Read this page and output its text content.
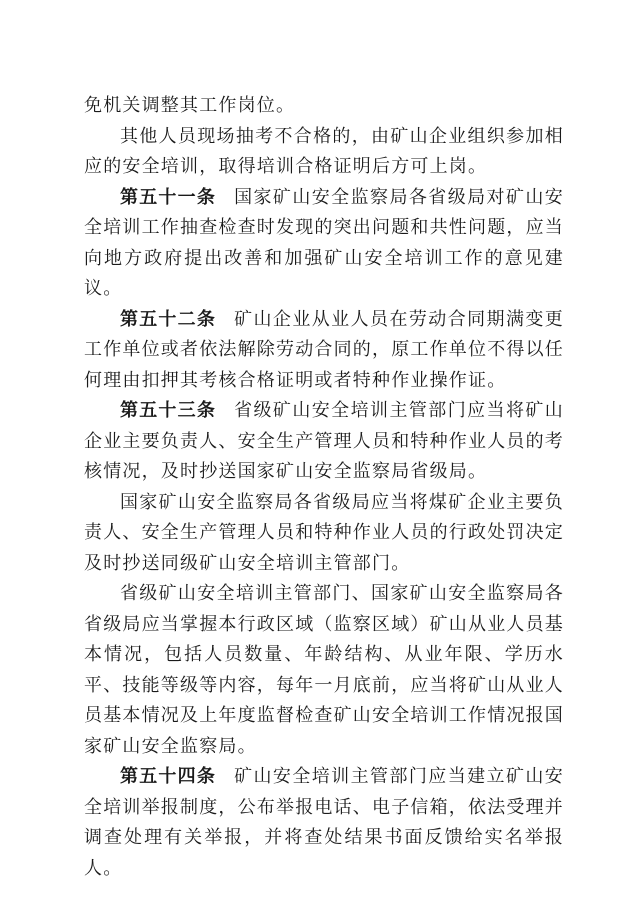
免机关调整其工作岗位。

其他人员现场抽考不合格的，由矿山企业组织参加相应的安全培训，取得培训合格证明后方可上岗。

第五十一条 国家矿山安全监察局各省级局对矿山安全培训工作抽查检查时发现的突出问题和共性问题，应当向地方政府提出改善和加强矿山安全培训工作的意见建议。

第五十二条 矿山企业从业人员在劳动合同期满变更工作单位或者依法解除劳动合同的，原工作单位不得以任何理由扣押其考核合格证明或者特种作业操作证。

第五十三条 省级矿山安全培训主管部门应当将矿山企业主要负责人、安全生产管理人员和特种作业人员的考核情况，及时抄送国家矿山安全监察局省级局。

国家矿山安全监察局各省级局应当将煤矿企业主要负责人、安全生产管理人员和特种作业人员的行政处罚决定及时抄送同级矿山安全培训主管部门。

省级矿山安全培训主管部门、国家矿山安全监察局各省级局应当掌握本行政区域（监察区域）矿山从业人员基本情况，包括人员数量、年龄结构、从业年限、学历水平、技能等级等内容，每年一月底前，应当将矿山从业人员基本情况及上年度监督检查矿山安全培训工作情况报国家矿山安全监察局。

第五十四条 矿山安全培训主管部门应当建立矿山安全培训举报制度，公布举报电话、电子信箱，依法受理并调查处理有关举报，并将查处结果书面反馈给实名举报人。
